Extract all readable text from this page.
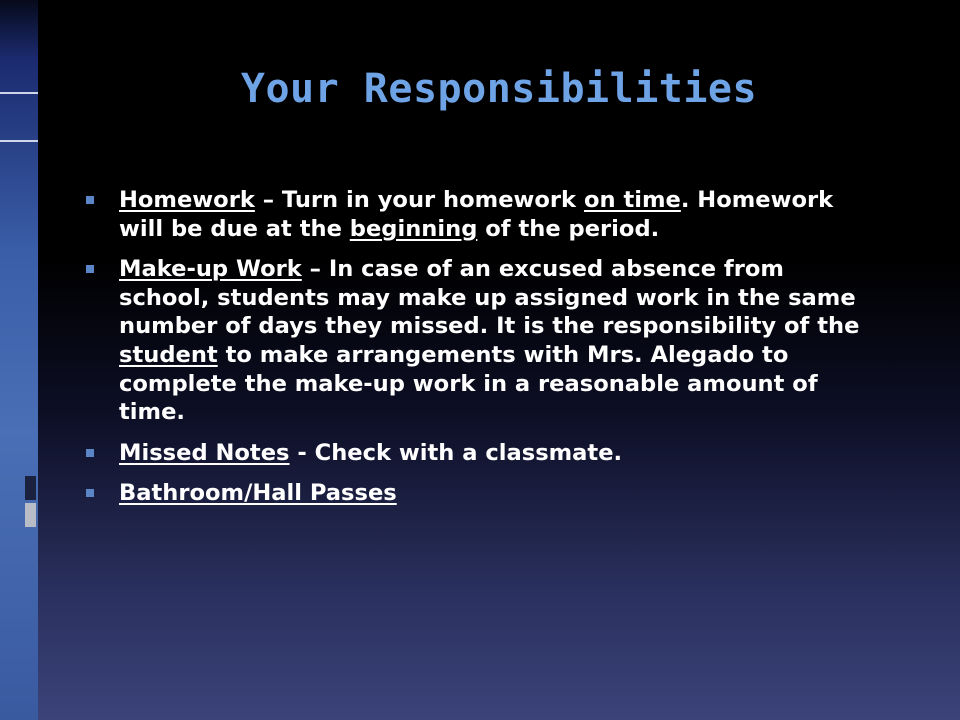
Your Responsibilities
Homework – Turn in your homework on time. Homework will be due at the beginning of the period.
Make-up Work – In case of an excused absence from school, students may make up assigned work in the same number of days they missed. It is the responsibility of the student to make arrangements with Mrs. Alegado to complete the make-up work in a reasonable amount of time.
Missed Notes - Check with a classmate.
Bathroom/Hall Passes
